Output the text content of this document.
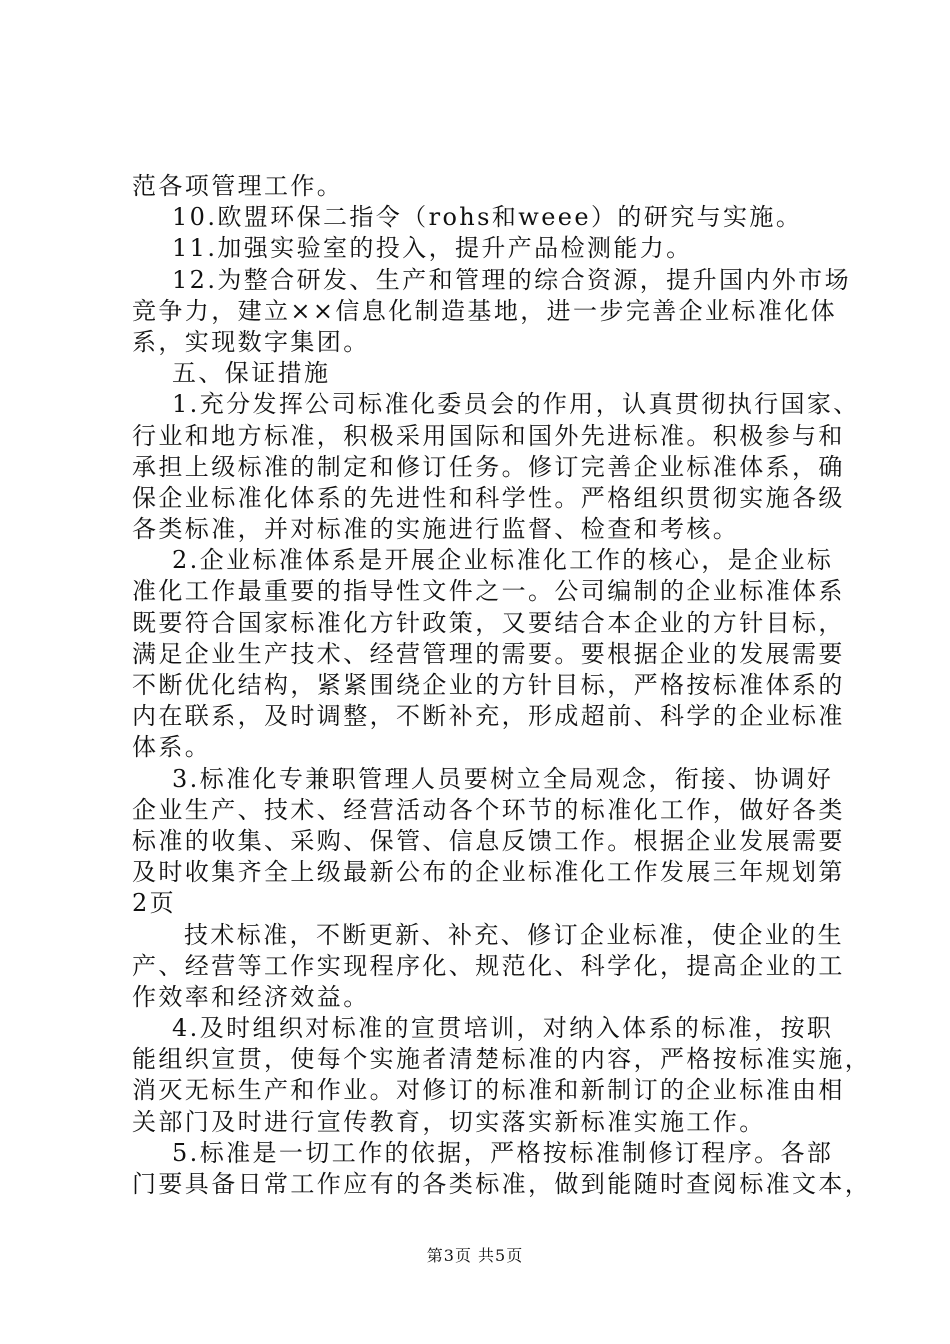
范各项管理工作。
10.欧盟环保二指令（rohs和weee）的研究与实施。
11.加强实验室的投入，提升产品检测能力。
12.为整合研发、生产和管理的综合资源，提升国内外市场
竞争力，建立××信息化制造基地，进一步完善企业标准化体
系，实现数字集团。
五、保证措施
1.充分发挥公司标准化委员会的作用，认真贯彻执行国家、
行业和地方标准，积极采用国际和国外先进标准。积极参与和
承担上级标准的制定和修订任务。修订完善企业标准体系，确
保企业标准化体系的先进性和科学性。严格组织贯彻实施各级
各类标准，并对标准的实施进行监督、检查和考核。
2.企业标准体系是开展企业标准化工作的核心，是企业标
准化工作最重要的指导性文件之一。公司编制的企业标准体系
既要符合国家标准化方针政策，又要结合本企业的方针目标，
满足企业生产技术、经营管理的需要。要根据企业的发展需要
不断优化结构，紧紧围绕企业的方针目标，严格按标准体系的
内在联系，及时调整，不断补充，形成超前、科学的企业标准
体系。
3.标准化专兼职管理人员要树立全局观念，衔接、协调好
企业生产、技术、经营活动各个环节的标准化工作，做好各类
标准的收集、采购、保管、信息反馈工作。根据企业发展需要
及时收集齐全上级最新公布的企业标准化工作发展三年规划第
2页
技术标准，不断更新、补充、修订企业标准，使企业的生
产、经营等工作实现程序化、规范化、科学化，提高企业的工
作效率和经济效益。
4.及时组织对标准的宣贯培训，对纳入体系的标准，按职
能组织宣贯，使每个实施者清楚标准的内容，严格按标准实施，
消灭无标生产和作业。对修订的标准和新制订的企业标准由相
关部门及时进行宣传教育，切实落实新标准实施工作。
5.标准是一切工作的依据，严格按标准制修订程序。各部
门要具备日常工作应有的各类标准，做到能随时查阅标准文本，
第3页 共5页
